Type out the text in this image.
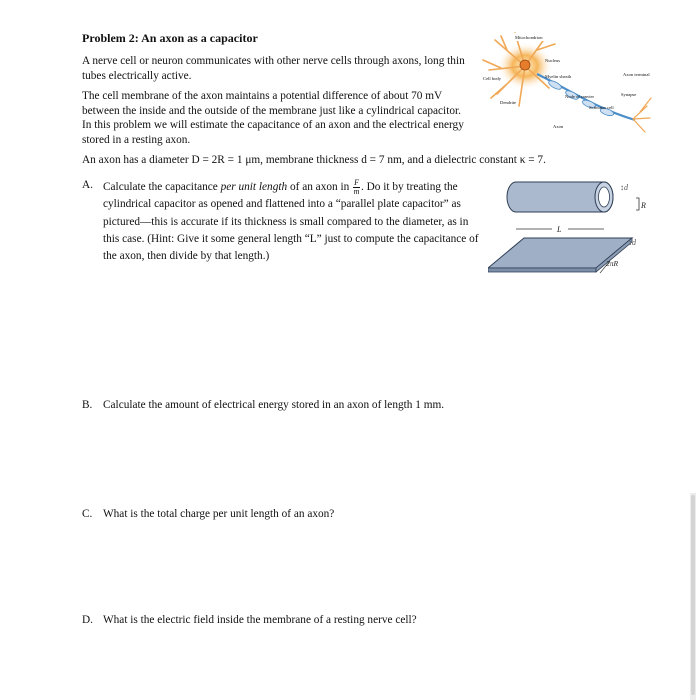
Problem 2: An axon as a capacitor
A nerve cell or neuron communicates with other nerve cells through axons, long thin tubes electrically active.
The cell membrane of the axon maintains a potential difference of about 70 mV between the inside and the outside of the membrane just like a cylindrical capacitor. In this problem we will estimate the capacitance of an axon and the electrical energy stored in a resting axon.
An axon has a diameter D = 2R = 1 μm, membrane thickness d = 7 nm, and a dielectric constant κ = 7.
Mitochondrion
Nucleus
Myelin sheath	Axon terminal
Synapse
Node of ranvier
Schwann cell
Cell body
Dendrite
Axon
A. Calculate the capacitance per unit length of an axon in $\frac{F}{m}$ . Do it by treating the cylindrical capacitor as opened and flattened into a “parallel plate capacitor” as pictured—this is accurate if its thickness is small compared to the diameter, as in this case. (Hint: Give it some general length “L” just to compute the capacitance of the axon, then divide by that length.)
↕d
R
L
↕d
2πR
B. Calculate the amount of electrical energy stored in an axon of length 1 mm.
C. What is the total charge per unit length of an axon?
D. What is the electric field inside the membrane of a resting nerve cell?
